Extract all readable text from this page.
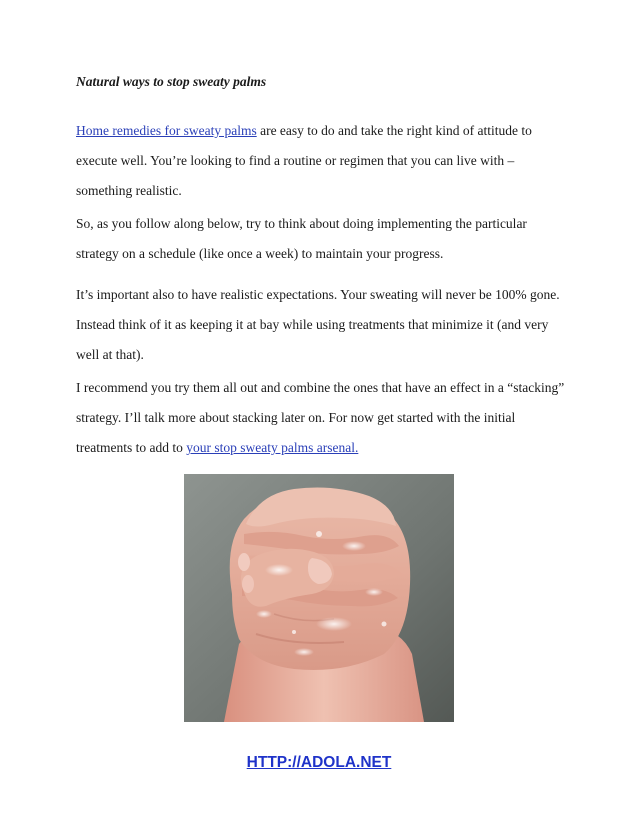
Natural ways to stop sweaty palms

Home remedies for sweaty palms are easy to do and take the right kind of attitude to execute well. You’re looking to find a routine or regimen that you can live with – something realistic.

So, as you follow along below, try to think about doing implementing the particular strategy on a schedule (like once a week) to maintain your progress.

It’s important also to have realistic expectations. Your sweating will never be 100% gone. Instead think of it as keeping it at bay while using treatments that minimize it (and very well at that).

I recommend you try them all out and combine the ones that have an effect in a “stacking” strategy. I’ll talk more about stacking later on. For now get started with the initial treatments to add to your stop sweaty palms arsenal.

HTTP://ADOLA.NET
